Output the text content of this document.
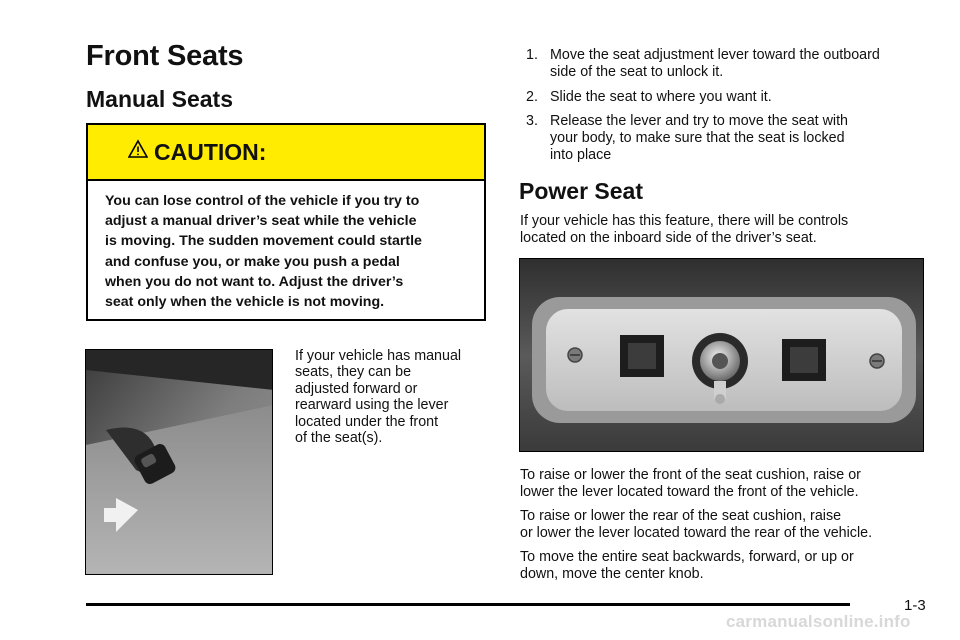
Front Seats
Manual Seats
CAUTION:
You can lose control of the vehicle if you try to
adjust a manual driver’s seat while the vehicle
is moving. The sudden movement could startle
and confuse you, or make you push a pedal
when you do not want to. Adjust the driver’s
seat only when the vehicle is not moving.
If your vehicle has manual
seats, they can be
adjusted forward or
rearward using the lever
located under the front
of the seat(s).
1. Move the seat adjustment lever toward the outboard
side of the seat to unlock it.
2. Slide the seat to where you want it.
3. Release the lever and try to move the seat with
your body, to make sure that the seat is locked
into place
Power Seat
If your vehicle has this feature, there will be controls
located on the inboard side of the driver’s seat.
To raise or lower the front of the seat cushion, raise or
lower the lever located toward the front of the vehicle.
To raise or lower the rear of the seat cushion, raise
or lower the lever located toward the rear of the vehicle.
To move the entire seat backwards, forward, or up or
down, move the center knob.
1-3
carmanualsonline.info
